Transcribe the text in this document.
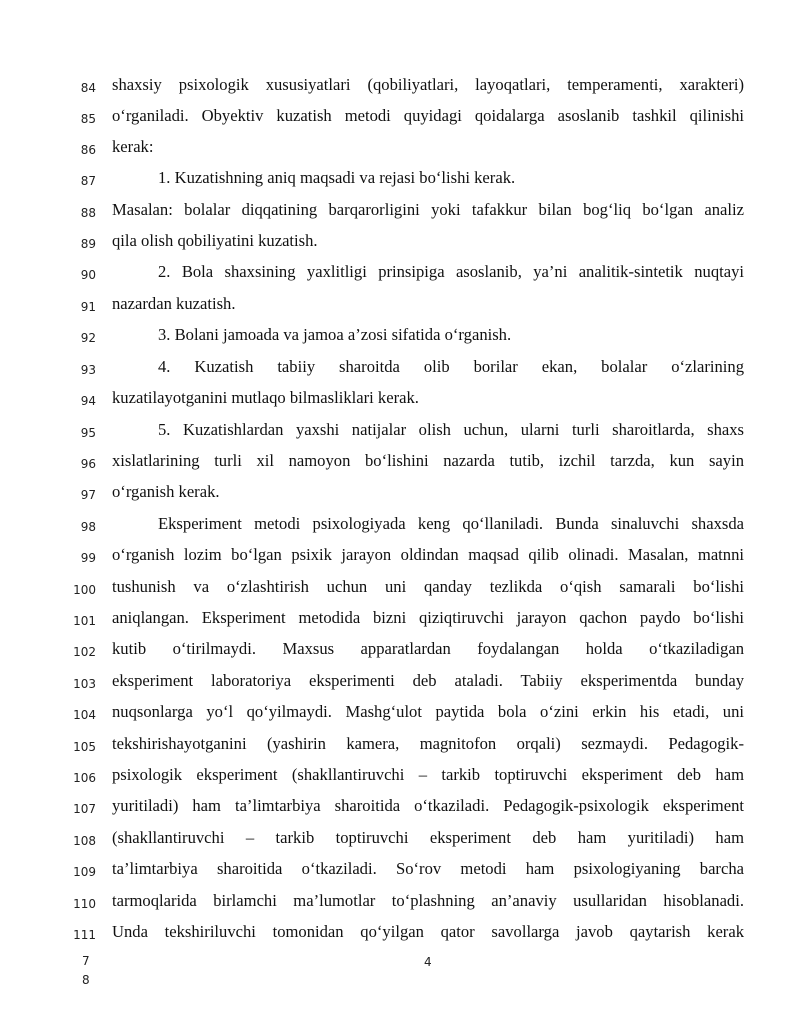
84 shaxsiy psixologik xususiyatlari (qobiliyatlari, layoqatlari, temperamenti, xarakteri)
85 o‘rganiladi. Obyektiv kuzatish metodi quyidagi qoidalarga asoslanib tashkil qilinishi
86 kerak:
87	1. Kuzatishning aniq maqsadi va rejasi bo‘lishi kerak.
88 Masalan: bolalar diqqatining barqarorligini yoki tafakkur bilan bog‘liq bo‘lgan analiz
89 qila olish qobiliyatini kuzatish.
90	2. Bola shaxsining yaxlitligi prinsipiga asoslanib, ya’ni analitik-sintetik nuqtayi
91 nazardan kuzatish.
92	3. Bolani jamoada va jamoa a’zosi sifatida o‘rganish.
93	4. Kuzatish tabiiy sharoitda olib borilar ekan, bolalar o‘zlarining
94 kuzatilayotganini mutlaqo bilmasliklari kerak.
95	5. Kuzatishlardan yaxshi natijalar olish uchun, ularni turli sharoitlarda, shaxs
96 xislatlarining turli xil namoyon bo‘lishini nazarda tutib, izchil tarzda, kun sayin
97 o‘rganish kerak.
98	Eksperiment metodi psixologiyada keng qo‘llaniladi. Bunda sinaluvchi shaxsda
99 o‘rganish lozim bo‘lgan psixik jarayon oldindan maqsad qilib olinadi. Masalan, matnni
100 tushunish va o‘zlashtirish uchun uni qanday tezlikda o‘qish samarali bo‘lishi
101 aniqlangan. Eksperiment metodida bizni qiziqtiruvchi jarayon qachon paydo bo‘lishi
102 kutib o‘tirilmaydi. Maxsus apparatlardan foydalangan holda o‘tkaziladigan
103 eksperiment laboratoriya eksperimenti deb ataladi. Tabiiy eksperimentda bunday
104 nuqsonlarga yo‘l qo‘yilmaydi. Mashg‘ulot paytida bola o‘zini erkin his etadi, uni
105 tekshirishayotganini (yashirin kamera, magnitofon orqali) sezmaydi. Pedagogik-
106 psixologik eksperiment (shakllantiruvchi – tarkib toptiruvchi eksperiment deb ham
107 yuritiladi) ham ta’limtarbiya sharoitida o‘tkaziladi. Pedagogik-psixologik eksperiment
108 (shakllantiruvchi – tarkib toptiruvchi eksperiment deb ham yuritiladi) ham
109 ta’limtarbiya sharoitida o‘tkaziladi. So‘rov metodi ham psixologiyaning barcha
110 tarmoqlarida birlamchi ma’lumotlar to‘plashning an’anaviy usullaridan hisoblanadi.
111 Unda tekshiriluvchi tomonidan qo‘yilgan qator savollarga javob qaytarish kerak
7	4
8
